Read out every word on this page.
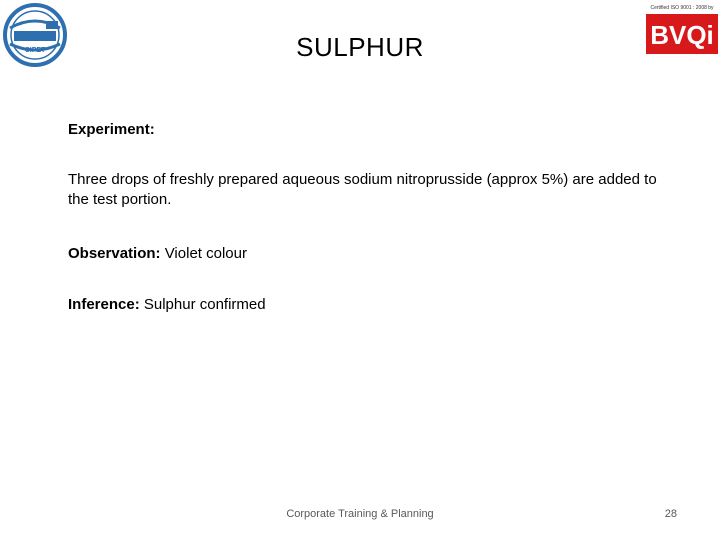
CIPET
Certified ISO 9001 : 2008 by
BVQi
SULPHUR
Experiment:
Three drops of freshly prepared aqueous sodium nitroprusside (approx 5%) are added to the test portion.
Observation: Violet colour
Inference: Sulphur confirmed
Corporate Training & Planning	28
